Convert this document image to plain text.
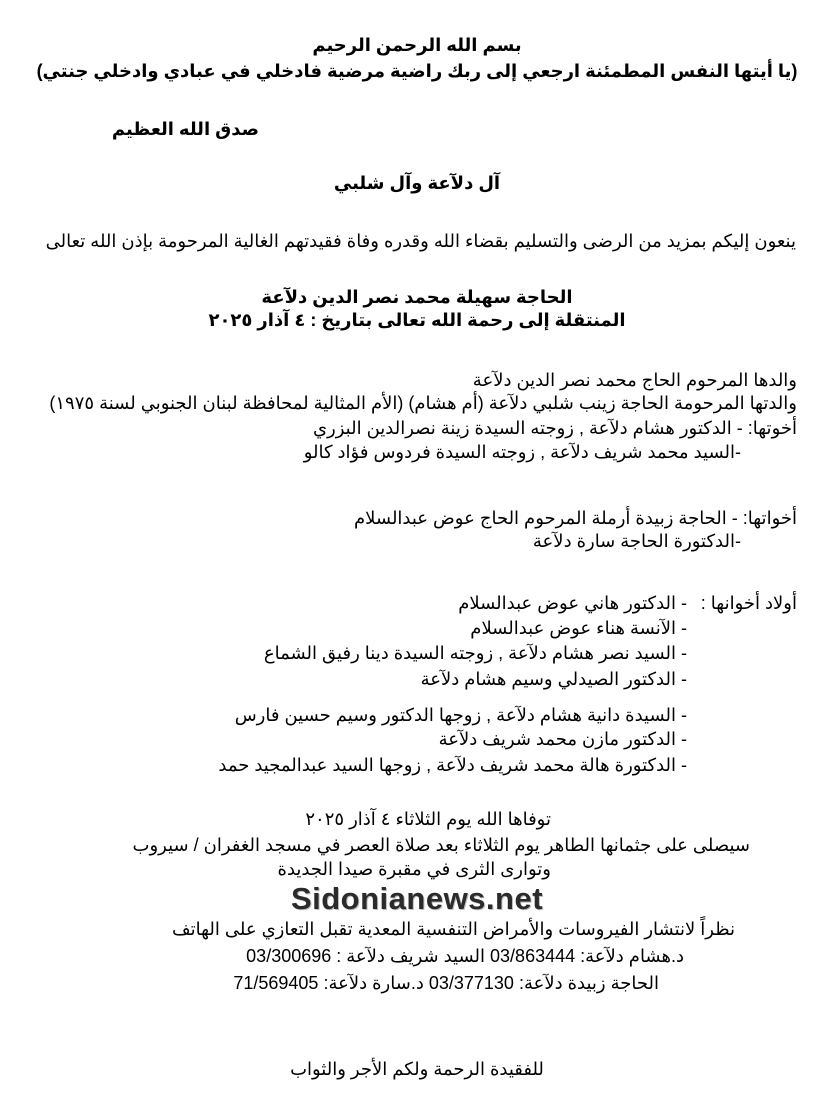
بسم الله الرحمن الرحيم
(يا أيتها النفس المطمئنة ارجعي إلى ربك راضية مرضية فادخلي في عبادي وادخلي جنتي)
صدق الله العظيم
آل دلآعة وآل شلبي
ينعون إليكم بمزيد من الرضى والتسليم بقضاء الله وقدره وفاة فقيدتهم الغالية المرحومة بإذن الله تعالى
الحاجة سهيلة محمد نصر الدين دلآعة
المنتقلة إلى رحمة الله تعالى بتاريخ : ٤ آذار ٢٠٢٥
والدها المرحوم الحاج محمد نصر الدين دلآعة
والدتها المرحومة الحاجة زينب شلبي دلآعة (أم هشام) (الأم المثالية لمحافظة لبنان الجنوبي لسنة ١٩٧٥)
أخوتها: - الدكتور هشام دلآعة , زوجته السيدة زينة نصرالدين البزري
-السيد محمد شريف دلآعة , زوجته السيدة فردوس فؤاد كالو
أخواتها: - الحاجة زبيدة أرملة المرحوم الحاج عوض عبدالسلام
-الدكتورة الحاجة سارة دلآعة
أولاد أخوانها :
- الدكتور هاني عوض عبدالسلام
- الآنسة هناء عوض عبدالسلام
- السيد نصر هشام دلآعة , زوجته السيدة دينا رفيق الشماع
- الدكتور الصيدلي وسيم هشام دلآعة
- السيدة دانية هشام دلآعة , زوجها الدكتور وسيم حسين فارس
- الدكتور مازن محمد شريف دلآعة
- الدكتورة هالة محمد شريف دلآعة , زوجها السيد عبدالمجيد حمد
توفاها الله يوم الثلاثاء ٤ آذار ٢٠٢٥
سيصلى على جثمانها الطاهر يوم الثلاثاء بعد صلاة العصر في مسجد الغفران / سيروب
وتوارى الثرى في مقبرة صيدا الجديدة
Sidonianews.net
نظراً لانتشار الفيروسات والأمراض التنفسية المعدية تقبل التعازي على الهاتف
د.هشام دلآعة: 03/863444 السيد شريف دلآعة : 03/300696
الحاجة زبيدة دلآعة: 03/377130 د.سارة دلآعة: 71/569405
للفقيدة الرحمة ولكم الأجر والثواب
